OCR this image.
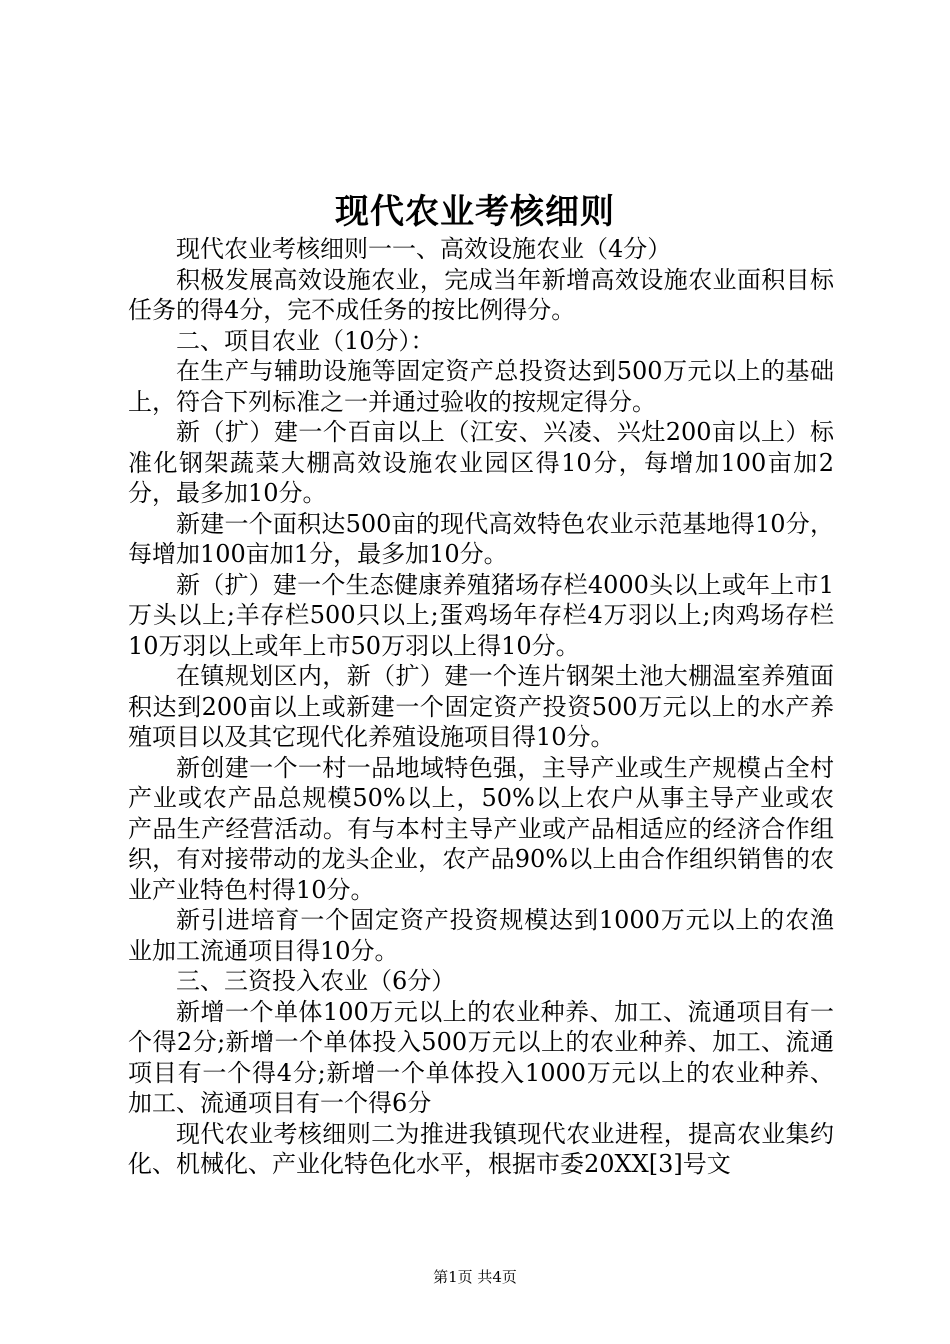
现代农业考核细则

现代农业考核细则一一、高效设施农业（4分）

积极发展高效设施农业，完成当年新增高效设施农业面积目标任务的得4分，完不成任务的按比例得分。

二、项目农业（10分）：

在生产与辅助设施等固定资产总投资达到500万元以上的基础上，符合下列标准之一并通过验收的按规定得分。

新（扩）建一个百亩以上（江安、兴凌、兴灶200亩以上）标准化钢架蔬菜大棚高效设施农业园区得10分，每增加100亩加2分，最多加10分。

新建一个面积达500亩的现代高效特色农业示范基地得10分，每增加100亩加1分，最多加10分。

新（扩）建一个生态健康养殖猪场存栏4000头以上或年上市1万头以上;羊存栏500只以上;蛋鸡场年存栏4万羽以上;肉鸡场存栏10万羽以上或年上市50万羽以上得10分。

在镇规划区内，新（扩）建一个连片钢架土池大棚温室养殖面积达到200亩以上或新建一个固定资产投资500万元以上的水产养殖项目以及其它现代化养殖设施项目得10分。

新创建一个一村一品地域特色强，主导产业或生产规模占全村产业或农产品总规模50%以上，50%以上农户从事主导产业或农产品生产经营活动。有与本村主导产业或产品相适应的经济合作组织，有对接带动的龙头企业，农产品90%以上由合作组织销售的农业产业特色村得10分。

新引进培育一个固定资产投资规模达到1000万元以上的农渔业加工流通项目得10分。

三、三资投入农业（6分）

新增一个单体100万元以上的农业种养、加工、流通项目有一个得2分;新增一个单体投入500万元以上的农业种养、加工、流通项目有一个得4分;新增一个单体投入1000万元以上的农业种养、加工、流通项目有一个得6分

现代农业考核细则二为推进我镇现代农业进程，提高农业集约化、机械化、产业化特色化水平，根据市委20XX[3]号文

第1页 共4页
